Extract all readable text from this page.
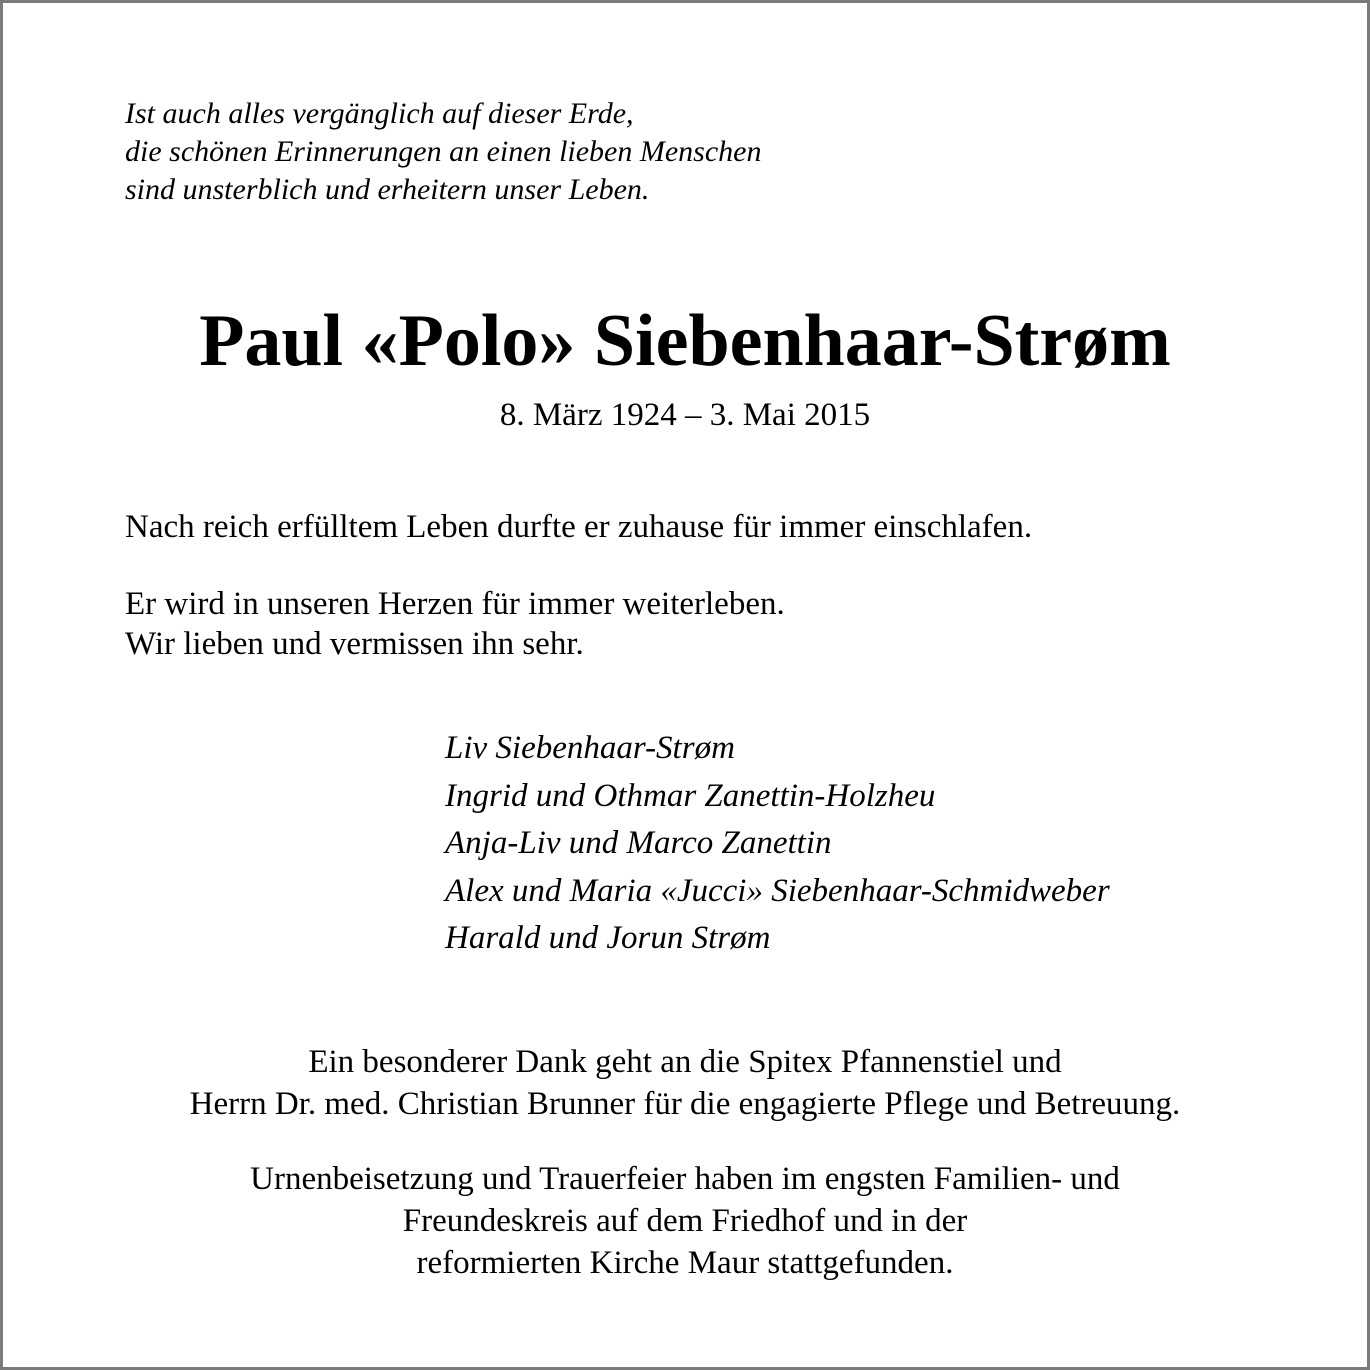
Ist auch alles vergänglich auf dieser Erde,
die schönen Erinnerungen an einen lieben Menschen
sind unsterblich und erheitern unser Leben.
Paul «Polo» Siebenhaar-Strøm
8. März 1924 – 3. Mai 2015
Nach reich erfülltem Leben durfte er zuhause für immer einschlafen.
Er wird in unseren Herzen für immer weiterleben.
Wir lieben und vermissen ihn sehr.
Liv Siebenhaar-Strøm
Ingrid und Othmar Zanettin-Holzheu
Anja-Liv und Marco Zanettin
Alex und Maria «Jucci» Siebenhaar-Schmidweber
Harald und Jorun Strøm
Ein besonderer Dank geht an die Spitex Pfannenstiel und
Herrn Dr. med. Christian Brunner für die engagierte Pflege und Betreuung.
Urnenbeisetzung und Trauerfeier haben im engsten Familien- und
Freundeskreis auf dem Friedhof und in der
reformierten Kirche Maur stattgefunden.
